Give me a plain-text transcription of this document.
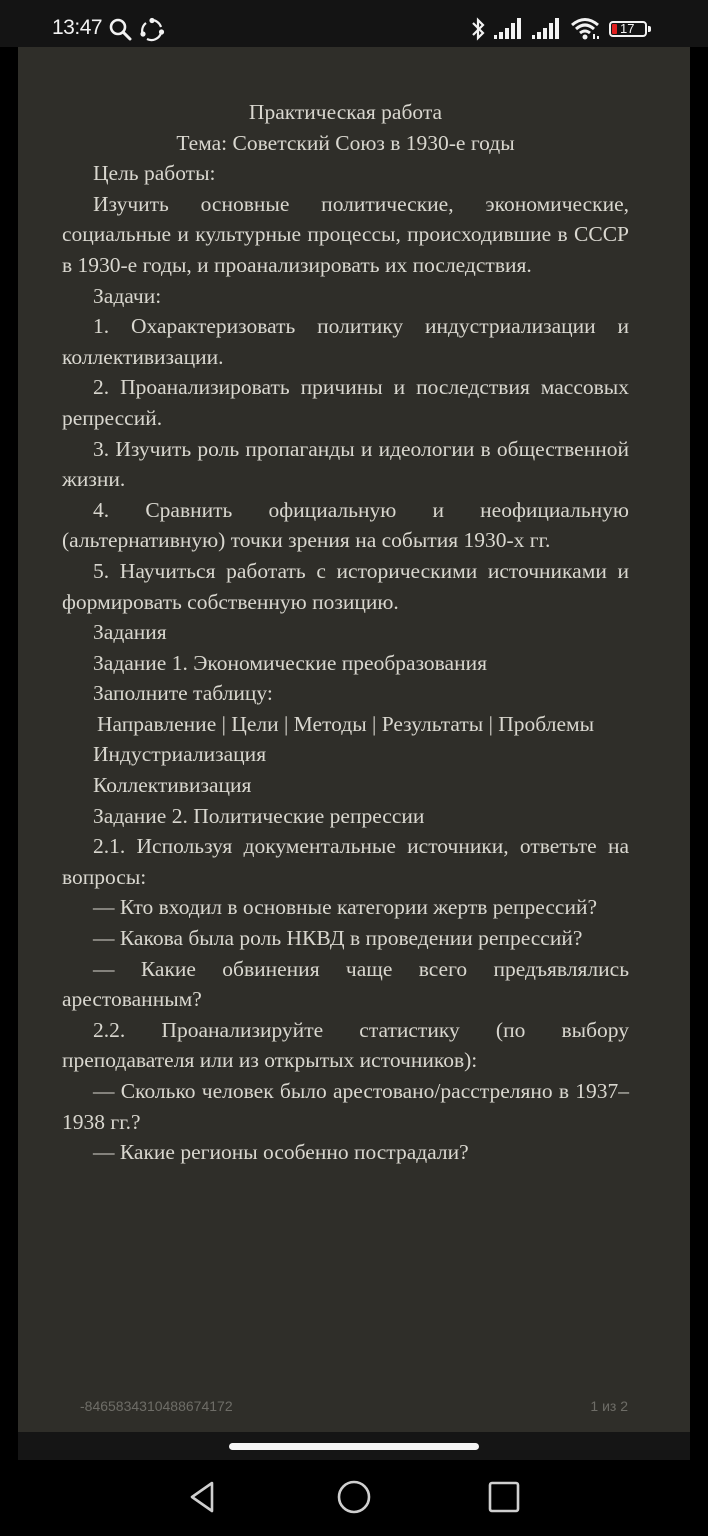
13:47	17

Практическая работа

Тема: Советский Союз в 1930-е годы

Цель работы:

Изучить основные политические, экономические, социальные и культурные процессы, происходившие в СССР в 1930-е годы, и проанализировать их последствия.

Задачи:

1. Охарактеризовать политику индустриализации и коллективизации.

2. Проанализировать причины и последствия массовых репрессий.

3. Изучить роль пропаганды и идеологии в общественной жизни.

4. Сравнить официальную и неофициальную (альтернативную) точки зрения на события 1930-х гг.

5. Научиться работать с историческими источниками и формировать собственную позицию.

Задания

Задание 1. Экономические преобразования

Заполните таблицу:

Направление | Цели | Методы | Результаты | Проблемы

Индустриализация

Коллективизация

Задание 2. Политические репрессии

2.1. Используя документальные источники, ответьте на вопросы:

— Кто входил в основные категории жертв репрессий?

— Какова была роль НКВД в проведении репрессий?

— Какие обвинения чаще всего предъявлялись арестованным?

2.2. Проанализируйте статистику (по выбору преподавателя или из открытых источников):

— Сколько человек было арестовано/расстреляно в 1937–1938 гг.?

— Какие регионы особенно пострадали?

-8465834310488674172	1 из 2
